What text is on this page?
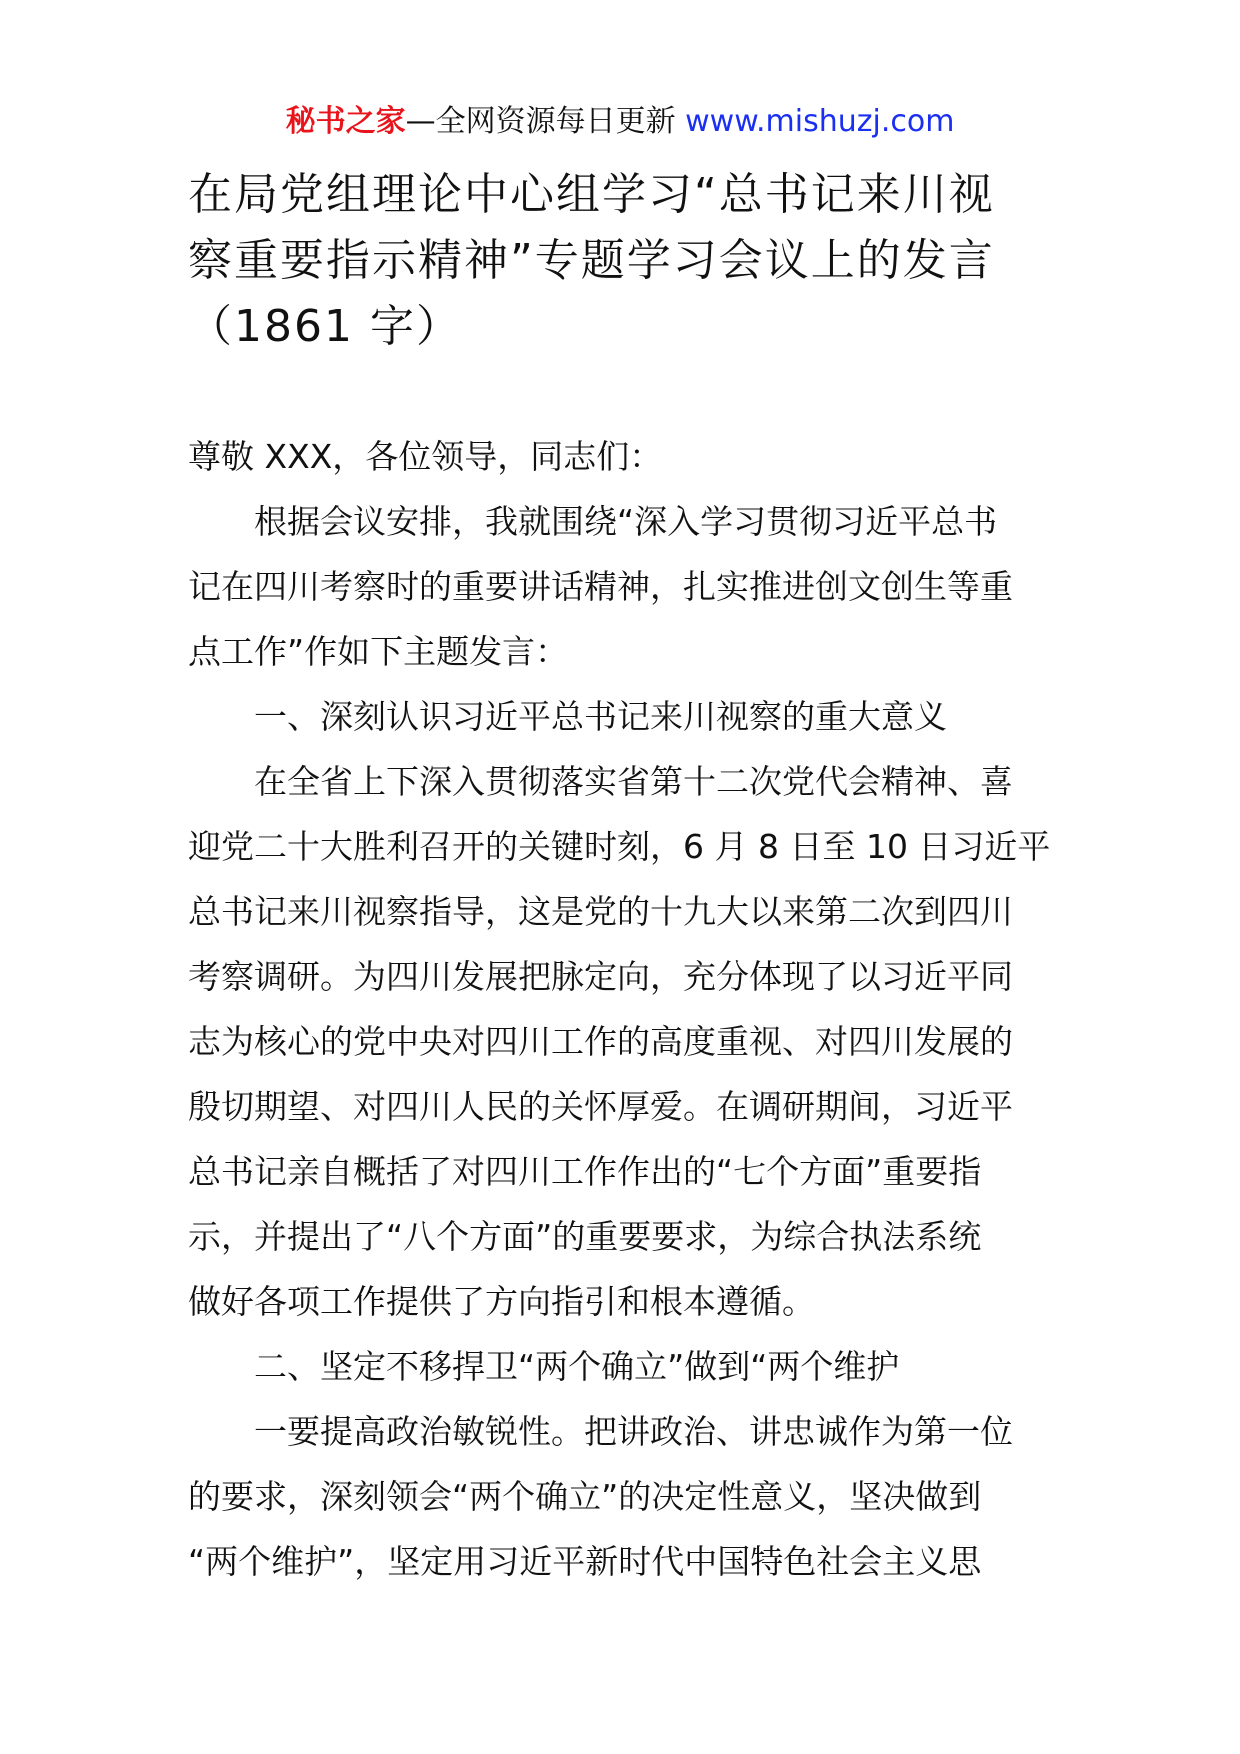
秘书之家—全网资源每日更新 www.mishuzj.com
在局党组理论中心组学习“总书记来川视
察重要指示精神”专题学习会议上的发言
（1861 字）
尊敬 XXX，各位领导，同志们：
根据会议安排，我就围绕“深入学习贯彻习近平总书
记在四川考察时的重要讲话精神，扎实推进创文创生等重
点工作”作如下主题发言：
一、深刻认识习近平总书记来川视察的重大意义
在全省上下深入贯彻落实省第十二次党代会精神、喜
迎党二十大胜利召开的关键时刻，6 月 8 日至 10 日习近平
总书记来川视察指导，这是党的十九大以来第二次到四川
考察调研。为四川发展把脉定向，充分体现了以习近平同
志为核心的党中央对四川工作的高度重视、对四川发展的
殷切期望、对四川人民的关怀厚爱。在调研期间，习近平
总书记亲自概括了对四川工作作出的“七个方面”重要指
示，并提出了“八个方面”的重要要求，为综合执法系统
做好各项工作提供了方向指引和根本遵循。
二、坚定不移捍卫“两个确立”做到“两个维护
一要提高政治敏锐性。把讲政治、讲忠诚作为第一位
的要求，深刻领会“两个确立”的决定性意义，坚决做到
“两个维护”，坚定用习近平新时代中国特色社会主义思
